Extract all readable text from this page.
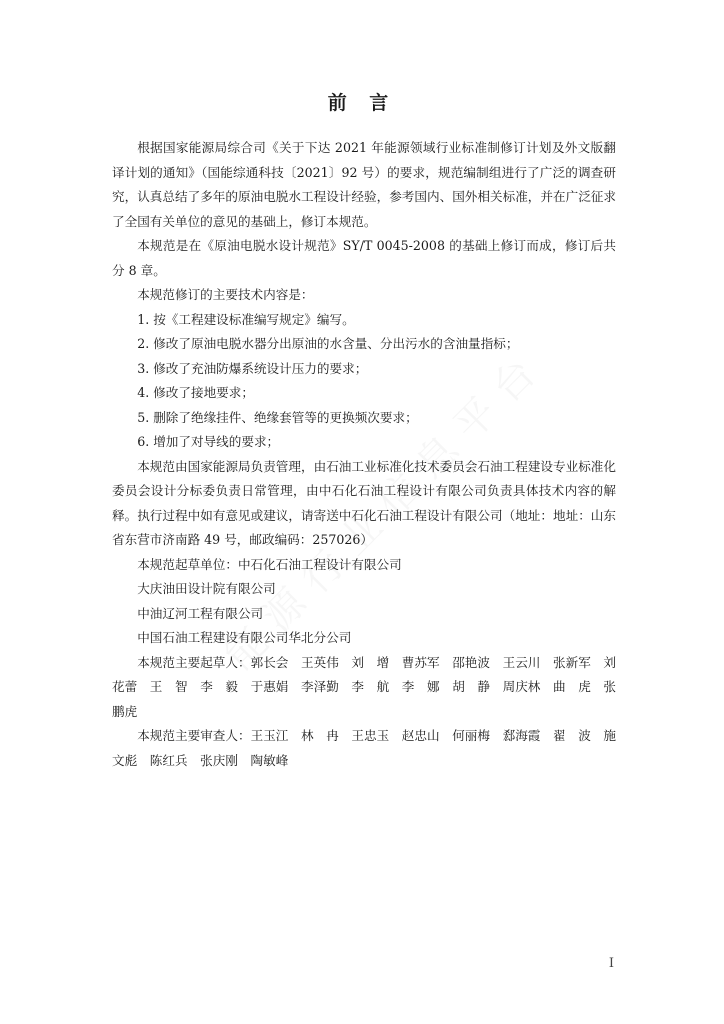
前 言

根据国家能源局综合司《关于下达 2021 年能源领域行业标准制修订计划及外文版翻译计划的通知》（国能综通科技〔2021〕92 号）的要求，规范编制组进行了广泛的调查研究，认真总结了多年的原油电脱水工程设计经验，参考国内、国外相关标准，并在广泛征求了全国有关单位的意见的基础上，修订本规范。

本规范是在《原油电脱水设计规范》SY/T 0045-2008 的基础上修订而成，修订后共分 8 章。

本规范修订的主要技术内容是：

1. 按《工程建设标准编写规定》编写。

2. 修改了原油电脱水器分出原油的水含量、分出污水的含油量指标；

3. 修改了充油防爆系统设计压力的要求；

4. 修改了接地要求；

5. 删除了绝缘挂件、绝缘套管等的更换频次要求；

6. 增加了对导线的要求；

本规范由国家能源局负责管理，由石油工业标准化技术委员会石油工程建设专业标准化委员会设计分标委负责日常管理，由中石化石油工程设计有限公司负责具体技术内容的解释。执行过程中如有意见或建议，请寄送中石化石油工程设计有限公司（地址：地址：山东省东营市济南路 49 号，邮政编码：257026）

本规范起草单位：中石化石油工程设计有限公司

大庆油田设计院有限公司

中油辽河工程有限公司

中国石油工程建设有限公司华北分公司

本规范主要起草人：郭长会　王英伟　刘　增　曹苏军　邵艳波　王云川　张新军　刘花蕾　王　智　李　毅　于惠娟　李泽勤　李　航　李　娜　胡　静　周庆林　曲　虎　张鹏虎

本规范主要审查人：王玉江　林　冉　王忠玉　赵忠山　何丽梅　郄海霞　翟　波　施文彪　陈红兵　张庆刚　陶敏峰

I
